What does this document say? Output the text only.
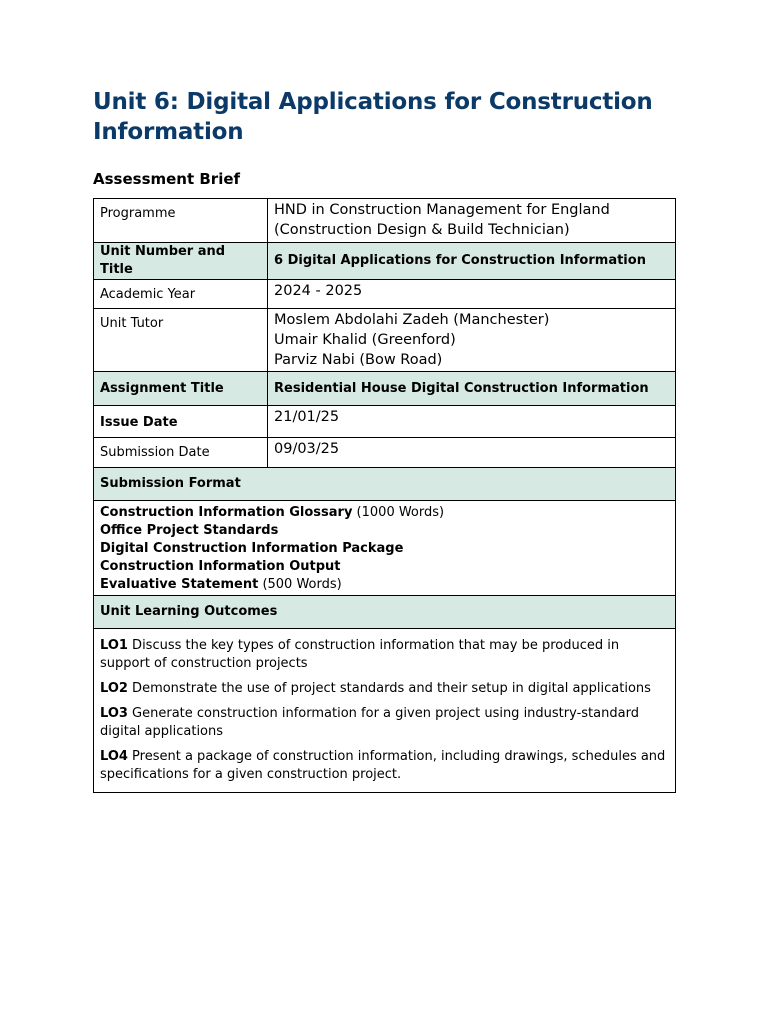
Unit 6: Digital Applications for Construction Information
Assessment Brief
Programme	HND in Construction Management for England
(Construction Design & Build Technician)

Unit Number and Title	6 Digital Applications for Construction Information
Academic Year	2024 - 2025
Unit Tutor	Moslem Abdolahi Zadeh (Manchester)
Umair Khalid (Greenford)
Parviz Nabi (Bow Road)

Assignment Title	Residential House Digital Construction Information
Issue Date	21/01/25
Submission Date	09/03/25
Submission Format	

Construction Information Glossary (1000 Words)
Office Project Standards
Digital Construction Information Package
Construction Information Output
Evaluative Statement (500 Words)	

Unit Learning Outcomes	

LO1 Discuss the key types of construction information that may be produced in support of construction projects

LO2 Demonstrate the use of project standards and their setup in digital applications

LO3 Generate construction information for a given project using industry-standard digital applications

LO4 Present a package of construction information, including drawings, schedules and specifications for a given construction project.	
